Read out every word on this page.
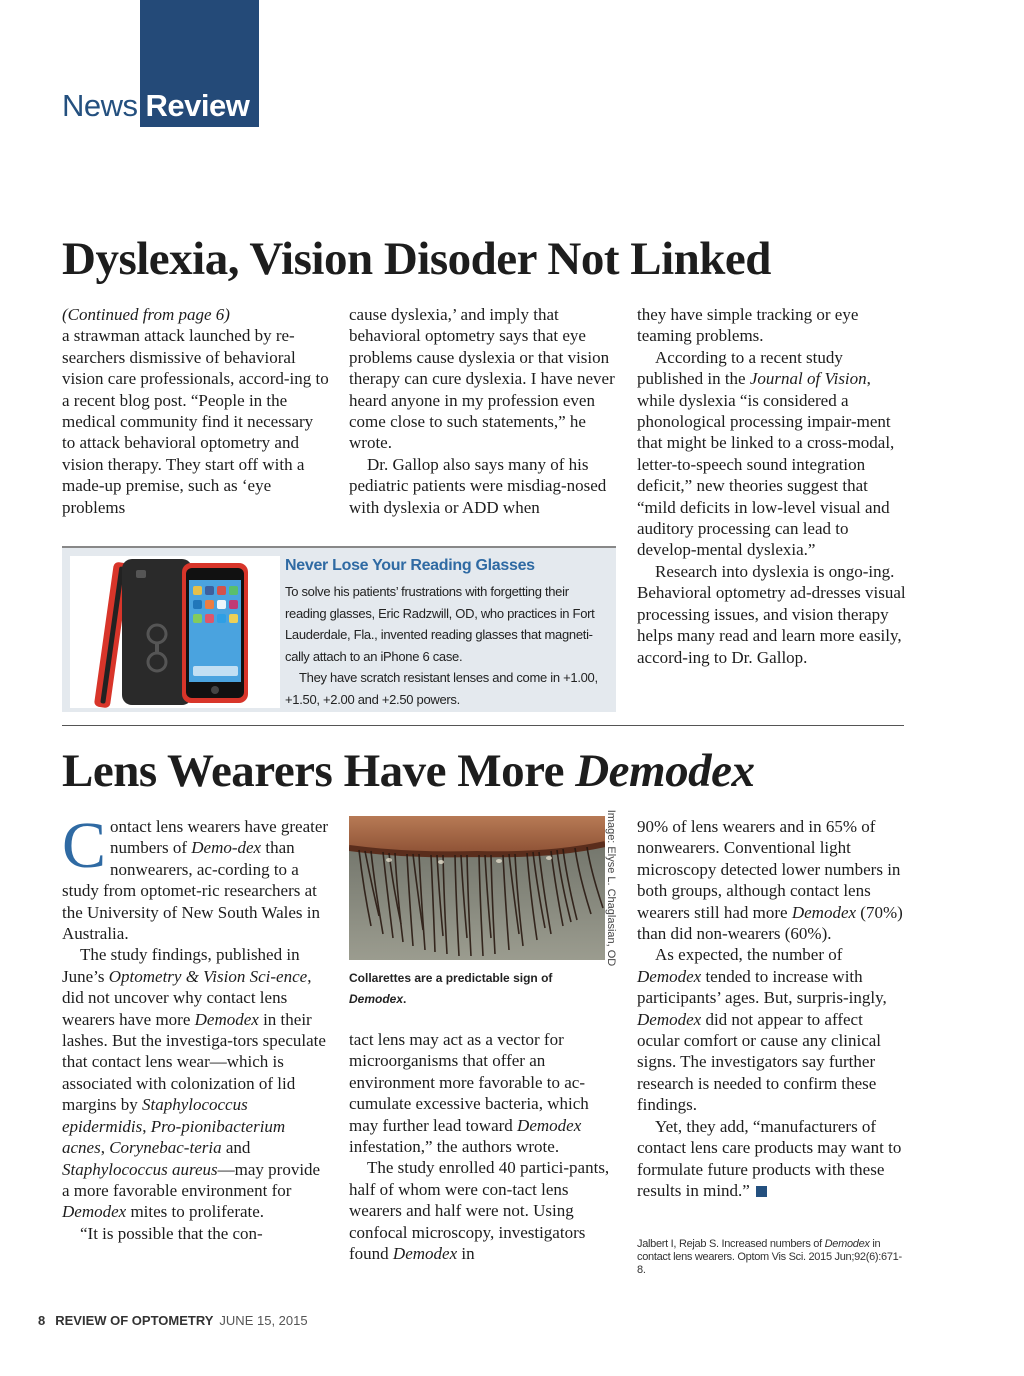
News Review
Dyslexia, Vision Disoder Not Linked

(Continued from page 6)

a strawman attack launched by re-searchers dismissive of behavioral vision care professionals, accord-ing to a recent blog post. “People in the medical community find it necessary to attack behavioral optometry and vision therapy. They start off with a made-up premise, such as ‘eye problems

cause dyslexia,’ and imply that behavioral optometry says that eye problems cause dyslexia or that vision therapy can cure dyslexia. I have never heard anyone in my profession even come close to such statements,” he wrote.

Dr. Gallop also says many of his pediatric patients were misdiag-nosed with dyslexia or ADD when

they have simple tracking or eye teaming problems.

According to a recent study published in the Journal of Vision, while dyslexia “is considered a phonological processing impair-ment that might be linked to a cross-modal, letter-to-speech sound integration deficit,” new theories suggest that “mild deficits in low-level visual and auditory processing can lead to develop-mental dyslexia.”

Research into dyslexia is ongo-ing. Behavioral optometry ad-dresses visual processing issues, and vision therapy helps many read and learn more easily, accord-ing to Dr. Gallop.

Never Lose Your Reading Glasses

To solve his patients’ frustrations with forgetting their reading glasses, Eric Radzwill, OD, who practices in Fort Lauderdale, Fla., invented reading glasses that magneti-cally attach to an iPhone 6 case.

They have scratch resistant lenses and come in +1.00, +1.50, +2.00 and +2.50 powers.

Lens Wearers Have More Demodex

Contact lens wearers have greater numbers of Demo-dex than nonwearers, ac-cording to a study from optomet-ric researchers at the University of New South Wales in Australia.

The study findings, published in June’s Optometry & Vision Sci-ence, did not uncover why contact lens wearers have more Demodex in their lashes. But the investiga-tors speculate that contact lens wear—which is associated with colonization of lid margins by Staphylococcus epidermidis, Pro-pionibacterium acnes, Corynebac-teria and Staphylococcus aureus—may provide a more favorable environment for Demodex mites to proliferate.

“It is possible that the con-

Image: Elyse L. Chaglasian, OD
Collarettes are a predictable sign of Demodex.

tact lens may act as a vector for microorganisms that offer an environment more favorable to ac-cumulate excessive bacteria, which may further lead toward Demodex infestation,” the authors wrote.

The study enrolled 40 partici-pants, half of whom were con-tact lens wearers and half were not. Using confocal microscopy, investigators found Demodex in

90% of lens wearers and in 65% of nonwearers. Conventional light microscopy detected lower numbers in both groups, although contact lens wearers still had more Demodex (70%) than did non-wearers (60%).

As expected, the number of Demodex tended to increase with participants’ ages. But, surpris-ingly, Demodex did not appear to affect ocular comfort or cause any clinical signs. The investigators say further research is needed to confirm these findings.

Yet, they add, “manufacturers of contact lens care products may want to formulate future products with these results in mind.”

Jalbert I, Rejab S. Increased numbers of Demodex in contact lens wearers. Optom Vis Sci. 2015 Jun;92(6):671-8.
8 REVIEW OF OPTOMETRY JUNE 15, 2015
